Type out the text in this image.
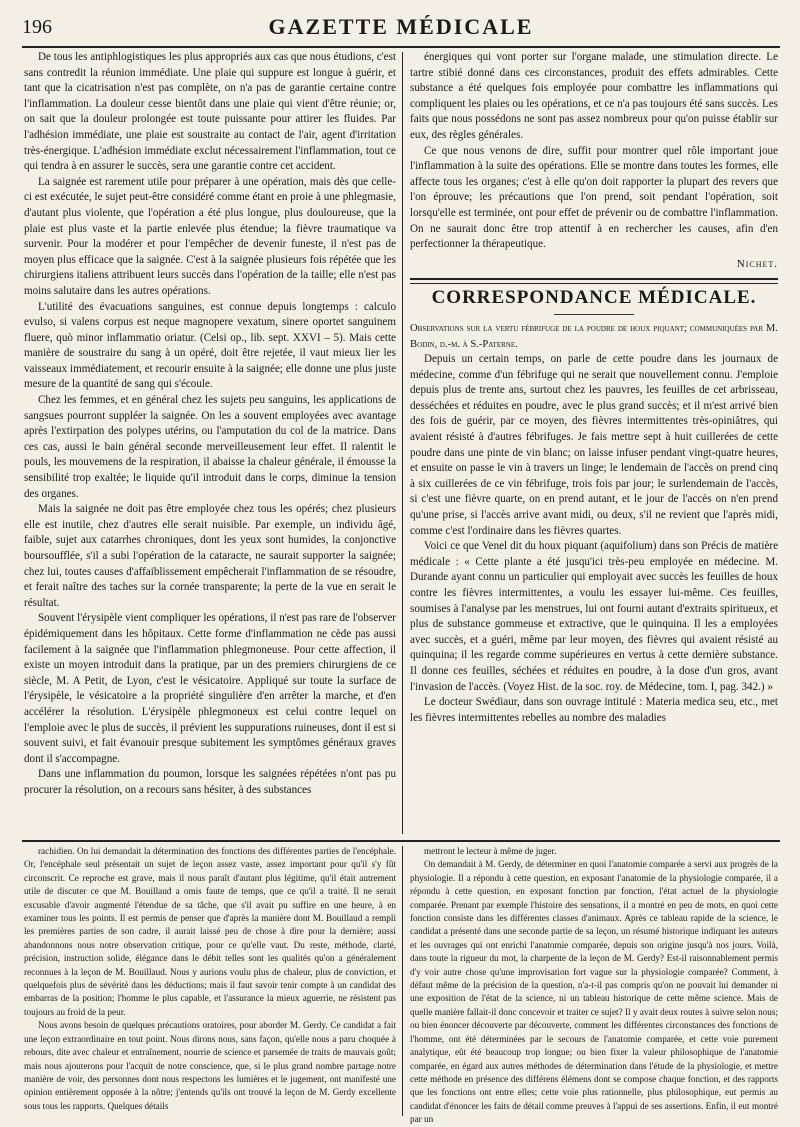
196	GAZETTE MÉDICALE

De tous les antiphlogistiques les plus appropriés aux cas que nous étudions, c'est sans contredit la réunion immédiate. Une plaie qui suppure est longue à guérir, et tant que la cicatrisation n'est pas complète, on n'a pas de garantie certaine contre l'inflammation. La douleur cesse bientôt dans une plaie qui vient d'être réunie; or, on sait que la douleur prolongée est toute puissante pour attirer les fluides. Par l'adhésion immédiate, une plaie est soustraite au contact de l'air, agent d'irritation très-énergique. L'adhésion immédiate exclut nécessairement l'inflammation, tout ce qui tendra à en assurer le succès, sera une garantie contre cet accident.

La saignée est rarement utile pour préparer à une opération, mais dès que celle-ci est exécutée, le sujet peut-être considéré comme étant en proie à une phlegmasie, d'autant plus violente, que l'opération a été plus longue, plus douloureuse, que la plaie est plus vaste et la partie enlevée plus étendue; la fièvre traumatique va survenir. Pour la modérer et pour l'empêcher de devenir funeste, il n'est pas de moyen plus efficace que la saignée. C'est à la saignée plusieurs fois répétée que les chirurgiens italiens attribuent leurs succès dans l'opération de la taille; elle n'est pas moins salutaire dans les autres opérations.

L'utilité des évacuations sanguines, est connue depuis longtemps : calculo evulso, si valens corpus est neque magnopere vexatum, sinere oportet sanguinem fluere, quò minor inflammatio oriatur. (Celsi op., lib. sept. XXVI – 5). Mais cette manière de soustraire du sang à un opéré, doit être rejetée, il vaut mieux lier les vaisseaux immédiatement, et recourir ensuite à la saignée; elle donne une plus juste mesure de la quantité de sang qui s'écoule.

Chez les femmes, et en général chez les sujets peu sanguins, les applications de sangsues pourront suppléer la saignée. On les a souvent employées avec avantage après l'extirpation des polypes utérins, ou l'amputation du col de la matrice. Dans ces cas, aussi le bain général seconde merveilleusement leur effet. Il ralentit le pouls, les mouvemens de la respiration, il abaisse la chaleur générale, il émousse la sensibilité trop exaltée; le liquide qu'il introduit dans le corps, diminue la tension des organes.

Mais la saignée ne doit pas être employée chez tous les opérés; chez plusieurs elle est inutile, chez d'autres elle serait nuisible. Par exemple, un individu âgé, faible, sujet aux catarrhes chroniques, dont les yeux sont humides, la conjonctive boursoufflée, s'il a subi l'opération de la cataracte, ne saurait supporter la saignée; chez lui, toutes causes d'affaiblissement empêcherait l'inflammation de se résoudre, et ferait naître des taches sur la cornée transparente; la perte de la vue en serait le résultat.

Souvent l'érysipèle vient compliquer les opérations, il n'est pas rare de l'observer épidémiquement dans les hôpitaux. Cette forme d'inflammation ne cède pas aussi facilement à la saignée que l'inflammation phlegmoneuse. Pour cette affection, il existe un moyen introduit dans la pratique, par un des premiers chirurgiens de ce siècle, M. A Petit, de Lyon, c'est le vésicatoire. Appliqué sur toute la surface de l'érysipèle, le vésicatoire a la propriété singulière d'en arrêter la marche, et d'en accélérer la résolution. L'érysipèle phlegmoneux est celui contre lequel on l'emploie avec le plus de succès, il prévient les suppurations ruineuses, dont il est si souvent suivi, et fait évanouir presque subitement les symptômes généraux graves dont il s'accompagne.

Dans une inflammation du poumon, lorsque les saignées répétées n'ont pas pu procurer la résolution, on a recours sans hésiter, à des substances

énergiques qui vont porter sur l'organe malade, une stimulation directe. Le tartre stibié donné dans ces circonstances, produit des effets admirables. Cette substance a été quelques fois employée pour combattre les inflammations qui compliquent les plaies ou les opérations, et ce n'a pas toujours été sans succès. Les faits que nous possédons ne sont pas assez nombreux pour qu'on puisse établir sur eux, des règles générales.

Ce que nous venons de dire, suffit pour montrer quel rôle important joue l'inflammation à la suite des opérations. Elle se montre dans toutes les formes, elle affecte tous les organes; c'est à elle qu'on doit rapporter la plupart des revers que l'on éprouve; les précautions que l'on prend, soit pendant l'opération, soit lorsqu'elle est terminée, ont pour effet de prévenir ou de combattre l'inflammation. On ne saurait donc être trop attentif à en rechercher les causes, afin d'en perfectionner la thérapeutique.

Nichet.
CORRESPONDANCE MÉDICALE.

Observations sur la vertu fébrifuge de la poudre de houx piquant; communiquées par M. Bodin, d.-m. à S.-Paterne.

Depuis un certain temps, on parle de cette poudre dans les journaux de médecine, comme d'un fébrifuge qui ne serait que nouvellement connu. J'emploie depuis plus de trente ans, surtout chez les pauvres, les feuilles de cet arbrisseau, desséchées et réduites en poudre, avec le plus grand succès; et il m'est arrivé bien des fois de guérir, par ce moyen, des fièvres intermittentes très-opiniâtres, qui avaient résisté à d'autres fébrifuges. Je fais mettre sept à huit cuillerées de cette poudre dans une pinte de vin blanc; on laisse infuser pendant vingt-quatre heures, et ensuite on passe le vin à travers un linge; le lendemain de l'accès on prend cinq à six cuillerées de ce vin fébrifuge, trois fois par jour; le surlendemain de l'accès, si c'est une fièvre quarte, on en prend autant, et le jour de l'accès on n'en prend qu'une prise, si l'accès arrive avant midi, ou deux, s'il ne revient que l'après midi, comme c'est l'ordinaire dans les fièvres quartes.

Voici ce que Venel dit du houx piquant (aquifolium) dans son Précis de matière médicale : « Cette plante a été jusqu'ici très-peu employée en médecine. M. Durande ayant connu un particulier qui employait avec succès les feuilles de houx contre les fièvres intermittentes, a voulu les essayer lui-même. Ces feuilles, soumises à l'analyse par les menstrues, lui ont fourni autant d'extraits spiritueux, et plus de substance gommeuse et extractive, que le quinquina. Il les a employées avec succès, et a guéri, même par leur moyen, des fièvres qui avaient résisté au quinquina; il les regarde comme supérieures en vertus à cette dernière substance. Il donne ces feuilles, séchées et réduites en poudre, à la dose d'un gros, avant l'invasion de l'accès. (Voyez Hist. de la soc. roy. de Médecine, tom. I, pag. 342.) »

Le docteur Swédiaur, dans son ouvrage intitulé : Materia medica seu, etc., met les fièvres intermittentes rebelles au nombre des maladies

rachidien. On lui demandait la détermination des fonctions des différentes parties de l'encéphale. Or, l'encéphale seul présentait un sujet de leçon assez vaste, assez important pour qu'il s'y fût circonscrit. Ce reproche est grave, mais il nous paraît d'autant plus légitime, qu'il était autrement utile de discuter ce que M. Bouillaud a omis faute de temps, que ce qu'il a traité. Il ne serait excusable d'avoir augmenté l'étendue de sa tâche, que s'il avait pu suffire en une heure, à en examiner tous les points. Il est permis de penser que d'après la manière dont M. Bouillaud a rempli les premières parties de son cadre, il aurait laissé peu de chose à dire pour la dernière; aussi abandonnons nous notre observation critique, pour ce qu'elle vaut. Du reste, méthode, clarté, précision, instruction solide, élégance dans le débit telles sont les qualités qu'on a généralement reconnues à la leçon de M. Bouillaud. Nous y aurions voulu plus de chaleur, plus de conviction, et quelquefois plus de sévérité dans les déductions; mais il faut savoir tenir compte à un candidat des embarras de la position; l'homme le plus capable, et l'assurance la mieux aguerrie, ne résistent pas toujours au froid de la peur.

Nous avons besoin de quelques précautions oratoires, pour aborder M. Gerdy. Ce candidat a fait une leçon extraordinaire en tout point. Nous dirons nous, sans façon, qu'elle nous a paru choquée à rebours, dite avec chaleur et entraînement, nourrie de science et parsemée de traits de mauvais goût; mais nous ajouterons pour l'acquit de notre conscience, que, si le plus grand nombre partage notre manière de voir, des personnes dont nous respectons les lumières et le jugement, ont manifesté une opinion entièrement opposée à la nôtre; j'entends qu'ils ont trouvé la leçon de M. Gerdy excellente sous tous les rapports. Quelques détails

mettront le lecteur à même de juger.

On demandait à M. Gerdy, de déterminer en quoi l'anatomie comparée a servi aux progrès de la physiologie. Il a répondu à cette question, en exposant l'anatomie de la physiologie comparée, il a répondu à cette question, en exposant fonction par fonction, l'état actuel de la physiologie comparée. Prenant par exemple l'histoire des sensations, il a montré en peu de mots, en quoi cette fonction consiste dans les différentes classes d'animaux. Après ce tableau rapide de la science, le candidat a présenté dans une seconde partie de sa leçon, un résumé historique indiquant les auteurs et les ouvrages qui ont enrichi l'anatomie comparée, depuis son origine jusqu'à nos jours. Voilà, dans toute la rigueur du mot, la charpente de la leçon de M. Gerdy? Est-il raisonnablement permis d'y voir autre chose qu'une improvisation fort vague sur la physiologie comparée? Comment, à défaut même de la précision de la question, n'a-t-il pas compris qu'on ne pouvait lui demander ni une exposition de l'état de la science, ni un tableau historique de cette même science. Mais de quelle manière fallait-il donc concevoir et traiter ce sujet? Il y avait deux routes à suivre selon nous; ou bien énoncer découverte par découverte, comment les différentes circonstances des fonctions de l'homme, ont été déterminées par le secours de l'anatomie comparée, et cette voie purement analytique, eût été beaucoup trop longue; ou bien fixer la valeur philosophique de l'anatomie comparée, en égard aux autres méthodes de détermination dans l'étude de la physiologie, et mettre cette méthode en présence des différens élémens dont se compose chaque fonction, et des rapports que les fonctions ont entre elles; cette voie plus rationnelle, plus philosophique, eut permis au candidat d'énoncer les faits de détail comme preuves à l'appui de ses assertions. Enfin, il eut montré par un
